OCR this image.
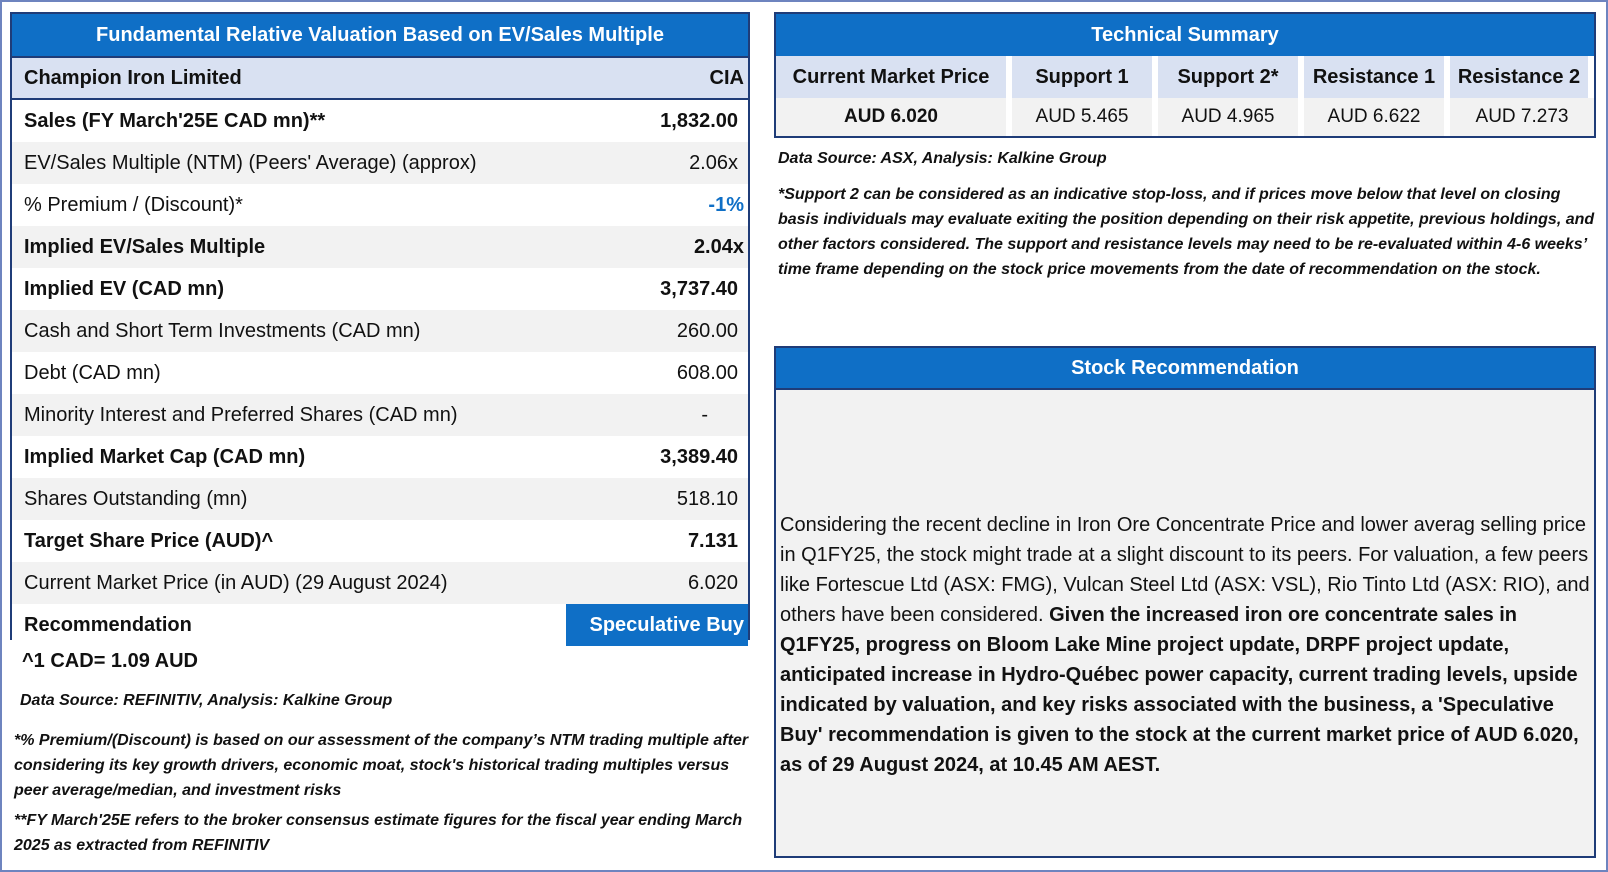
Fundamental Relative Valuation Based on EV/Sales Multiple
Champion Iron Limited	CIA
Sales (FY March'25E CAD mn)**	1,832.00
EV/Sales Multiple (NTM) (Peers' Average) (approx)	2.06x
% Premium / (Discount)*	-1%
Implied EV/Sales Multiple	2.04x
Implied EV (CAD mn)	3,737.40
Cash and Short Term Investments (CAD mn)	260.00
Debt (CAD mn)	608.00
Minority Interest and Preferred Shares (CAD mn)	-
Implied Market Cap (CAD mn)	3,389.40
Shares Outstanding (mn)	518.10
Target Share Price (AUD)^	7.131
Current Market Price (in AUD) (29 August 2024)	6.020
Recommendation	Speculative Buy
^1 CAD= 1.09 AUD
Data Source: REFINITIV, Analysis: Kalkine Group
*% Premium/(Discount) is based on our assessment of the company’s NTM trading multiple after considering its key growth drivers, economic moat, stock's historical trading multiples versus peer average/median, and investment risks
**FY March'25E refers to the broker consensus estimate figures for the fiscal year ending March 2025 as extracted from REFINITIV
Technical Summary
Current Market Price	Support 1	Support 2*	Resistance 1	Resistance 2
AUD 6.020	AUD 5.465	AUD 4.965	AUD 6.622	AUD 7.273
Data Source: ASX, Analysis: Kalkine Group
*Support 2 can be considered as an indicative stop-loss, and if prices move below that level on closing basis individuals may evaluate exiting the position depending on their risk appetite, previous holdings, and other factors considered. The support and resistance levels may need to be re-evaluated within 4-6 weeks’ time frame depending on the stock price movements from the date of recommendation on the stock.
Stock Recommendation
Considering the recent decline in Iron Ore Concentrate Price and lower averag selling price in Q1FY25, the stock might trade at a slight discount to its peers. For valuation, a few peers like Fortescue Ltd (ASX: FMG), Vulcan Steel Ltd (ASX: VSL), Rio Tinto Ltd (ASX: RIO), and others have been considered. Given the increased iron ore concentrate sales in Q1FY25, progress on Bloom Lake Mine project update, DRPF project update, anticipated increase in Hydro-Québec power capacity, current trading levels, upside indicated by valuation, and key risks associated with the business, a 'Speculative Buy' recommendation is given to the stock at the current market price of AUD 6.020, as of 29 August 2024, at 10.45 AM AEST.
